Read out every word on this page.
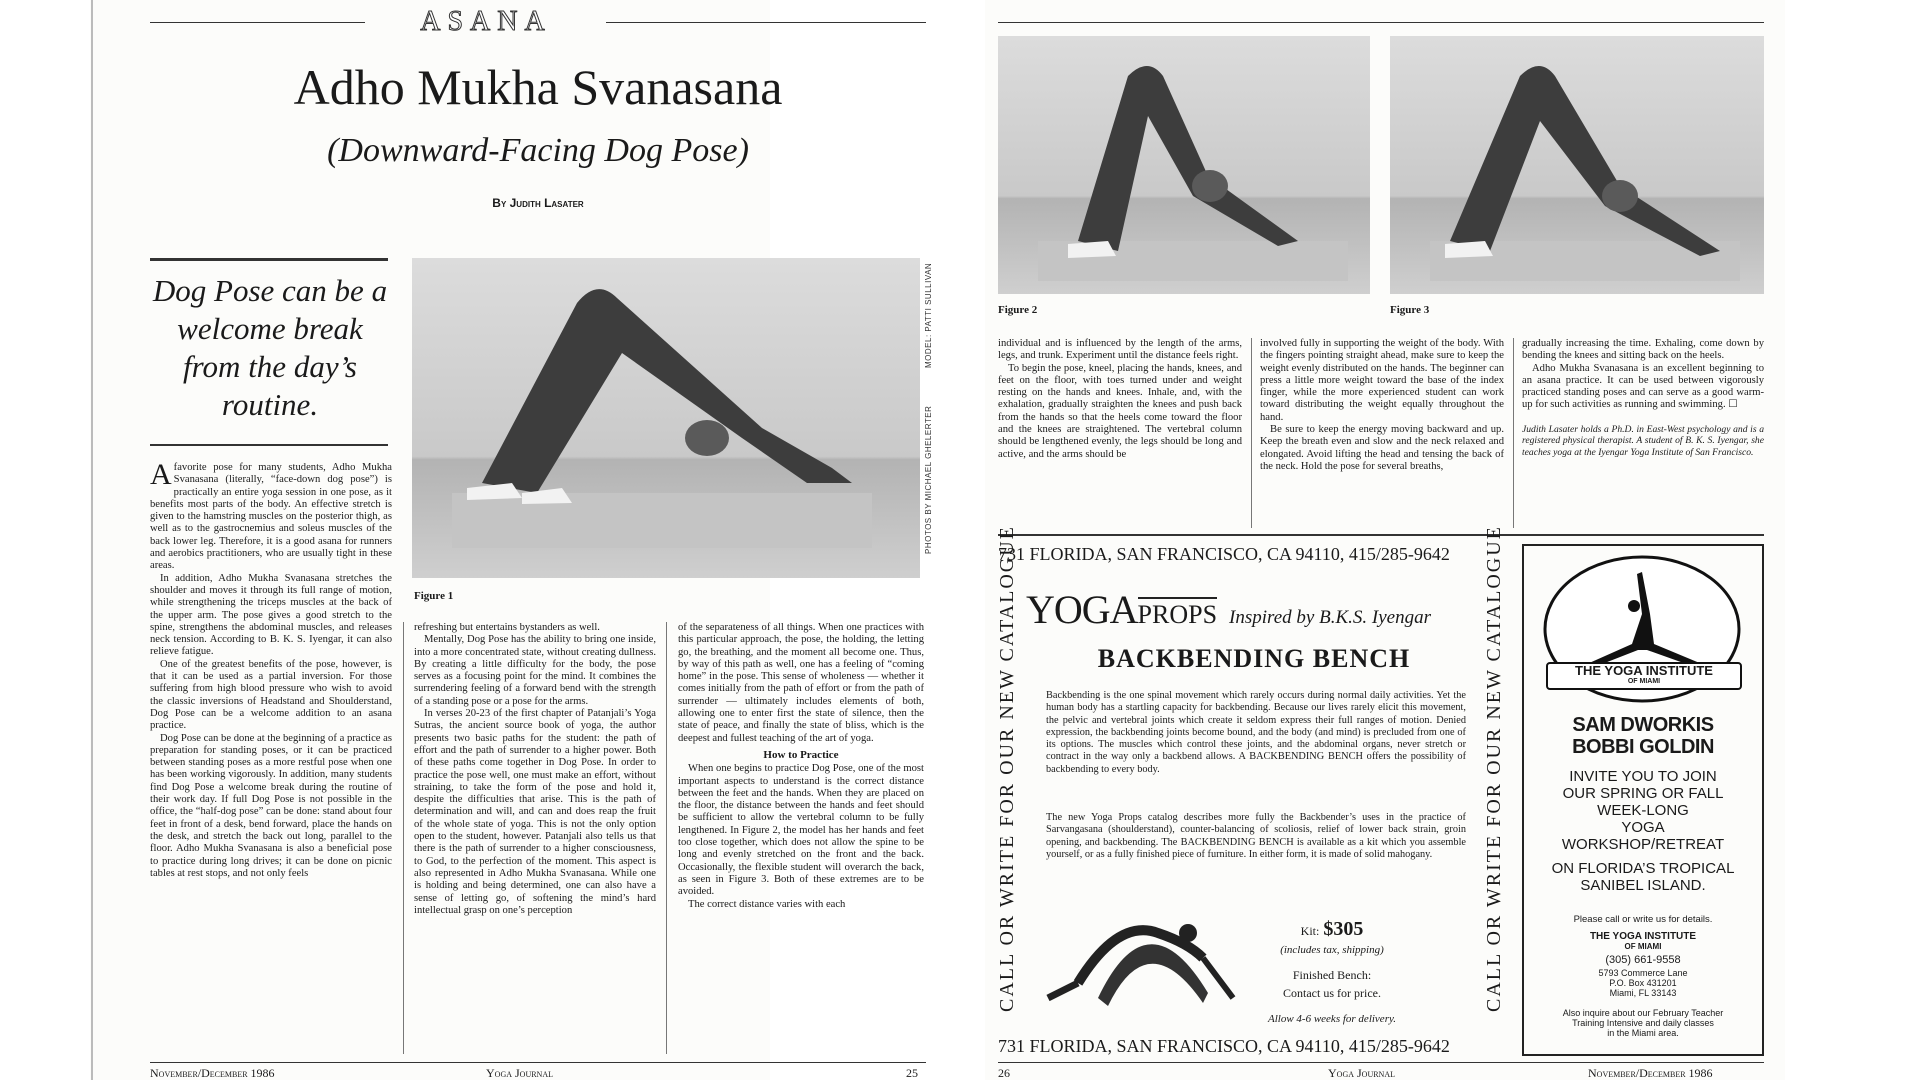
ASANA
Adho Mukha Svanasana
(Downward-Facing Dog Pose)
By Judith Lasater
Dog Pose can be a welcome break from the day’s routine.
Figure 1
MODEL: PATTI SULLIVAN
PHOTOS BY MICHAEL GHELERTER

Afavorite pose for many students, Adho Mukha Svanasana (literally, “face-down dog pose”) is practically an entire yoga session in one pose, as it benefits most parts of the body. An effective stretch is given to the hamstring muscles on the posterior thigh, as well as to the gastrocnemius and soleus muscles of the back lower leg. Therefore, it is a good asana for runners and aerobics practitioners, who are usually tight in these areas.

In addition, Adho Mukha Svanasana stretches the shoulder and moves it through its full range of motion, while strengthening the triceps muscles at the back of the upper arm. The pose gives a good stretch to the spine, strengthens the abdominal muscles, and releases neck tension. According to B. K. S. Iyengar, it can also relieve fatigue.

One of the greatest benefits of the pose, however, is that it can be used as a partial inversion. For those suffering from high blood pressure who wish to avoid the classic inversions of Headstand and Shoulderstand, Dog Pose can be a welcome addition to an asana practice.

Dog Pose can be done at the beginning of a practice as preparation for standing poses, or it can be practiced between standing poses as a more restful pose when one has been working vigorously. In addition, many students find Dog Pose a welcome break during the routine of their work day. If full Dog Pose is not possible in the office, the “half-dog pose” can be done: stand about four feet in front of a desk, bend forward, place the hands on the desk, and stretch the back out long, parallel to the floor. Adho Mukha Svanasana is also a beneficial pose to practice during long drives; it can be done on picnic tables at rest stops, and not only feels

refreshing but entertains bystanders as well.

Mentally, Dog Pose has the ability to bring one inside, into a more concentrated state, without creating dullness. By creating a little difficulty for the body, the pose serves as a focusing point for the mind. It combines the surrendering feeling of a forward bend with the strength of a standing pose or a pose for the arms.

In verses 20-23 of the first chapter of Patanjali’s Yoga Sutras, the ancient source book of yoga, the author presents two basic paths for the student: the path of effort and the path of surrender to a higher power. Both of these paths come together in Dog Pose. In order to practice the pose well, one must make an effort, without straining, to take the form of the pose and hold it, despite the difficulties that arise. This is the path of determination and will, and can and does reap the fruit of the whole state of yoga. This is not the only option open to the student, however. Patanjali also tells us that there is the path of surrender to a higher consciousness, to God, to the perfection of the moment. This aspect is also represented in Adho Mukha Svanasana. While one is holding and being determined, one can also have a sense of letting go, of softening the mind’s hard intellectual grasp on one’s perception

of the separateness of all things. When one practices with this particular approach, the pose, the holding, the letting go, the breathing, and the moment all become one. Thus, by way of this path as well, one has a feeling of “coming home” in the pose. This sense of wholeness — whether it comes initially from the path of effort or from the path of surrender — ultimately includes elements of both, allowing one to enter first the state of silence, then the state of peace, and finally the state of bliss, which is the deepest and fullest teaching of the art of yoga.

How to Practice

When one begins to practice Dog Pose, one of the most important aspects to understand is the correct distance between the feet and the hands. When they are placed on the floor, the distance between the hands and feet should be sufficient to allow the vertebral column to be fully lengthened. In Figure 2, the model has her hands and feet too close together, which does not allow the spine to be long and evenly stretched on the front and the back. Occasionally, the flexible student will overarch the back, as seen in Figure 3. Both of these extremes are to be avoided.

The correct distance varies with each

November/December 1986	Yoga Journal	25
Figure 2	Figure 3

individual and is influenced by the length of the arms, legs, and trunk. Experiment until the distance feels right.

To begin the pose, kneel, placing the hands, knees, and feet on the floor, with toes turned under and weight resting on the hands and knees. Inhale, and, with the exhalation, gradually straighten the knees and push back from the hands so that the heels come toward the floor and the knees are straightened. The vertebral column should be lengthened evenly, the legs should be long and active, and the arms should be

involved fully in supporting the weight of the body. With the fingers pointing straight ahead, make sure to keep the weight evenly distributed on the hands. The beginner can press a little more weight toward the base of the index finger, while the more experienced student can work toward distributing the weight equally throughout the hand.

Be sure to keep the energy moving backward and up. Keep the breath even and slow and the neck relaxed and elongated. Avoid lifting the head and tensing the back of the neck. Hold the pose for several breaths,

gradually increasing the time. Exhaling, come down by bending the knees and sitting back on the heels.

Adho Mukha Svanasana is an excellent beginning to an asana practice. It can be used between vigorously practiced standing poses and can serve as a good warm-up for such activities as running and swimming. ☐

Judith Lasater holds a Ph.D. in East-West psychology and is a registered physical therapist. A student of B. K. S. Iyengar, she teaches yoga at the Iyengar Yoga Institute of San Francisco.

731 FLORIDA, SAN FRANCISCO, CA 94110, 415/285-9642
CALL OR WRITE FOR OUR NEW CATALOGUE	CALL OR WRITE FOR OUR NEW CATALOGUE
YOGA PROPS Inspired by B.K.S. Iyengar
BACKBENDING BENCH
Backbending is the one spinal movement which rarely occurs during normal daily activities. Yet the human body has a startling capacity for backbending. Because our lives rarely elicit this movement, the pelvic and vertebral joints which create it seldom express their full ranges of motion. Denied expression, the backbending joints become bound, and the body (and mind) is precluded from one of its options. The muscles which control these joints, and the abdominal organs, never stretch or contract in the way only a backbend allows. A BACKBENDING BENCH offers the possibility of backbending to every body.
The new Yoga Props catalog describes more fully the Backbender’s uses in the practice of Sarvangasana (shoulderstand), counter-balancing of scoliosis, relief of lower back strain, groin opening, and backbending. The BACKBENDING BENCH is available as a kit which you assemble yourself, or as a fully finished piece of furniture. In either form, it is made of solid mahogany.
Kit: $305
(includes tax, shipping)
Finished Bench:
Contact us for price.
Allow 4-6 weeks for delivery.
731 FLORIDA, SAN FRANCISCO, CA 94110, 415/285-9642
THE YOGA INSTITUTE
OF MIAMI
SAM DWORKIS
BOBBI GOLDIN
INVITE YOU TO JOIN
OUR SPRING OR FALL
WEEK-LONG
YOGA
WORKSHOP/RETREAT
ON FLORIDA’S TROPICAL
SANIBEL ISLAND.
Please call or write us for details.
THE YOGA INSTITUTE
OF MIAMI
(305) 661-9558
5793 Commerce Lane
P.O. Box 431201
Miami, FL 33143
Also inquire about our February Teacher
Training Intensive and daily classes
in the Miami area.
26	Yoga Journal	November/December 1986
